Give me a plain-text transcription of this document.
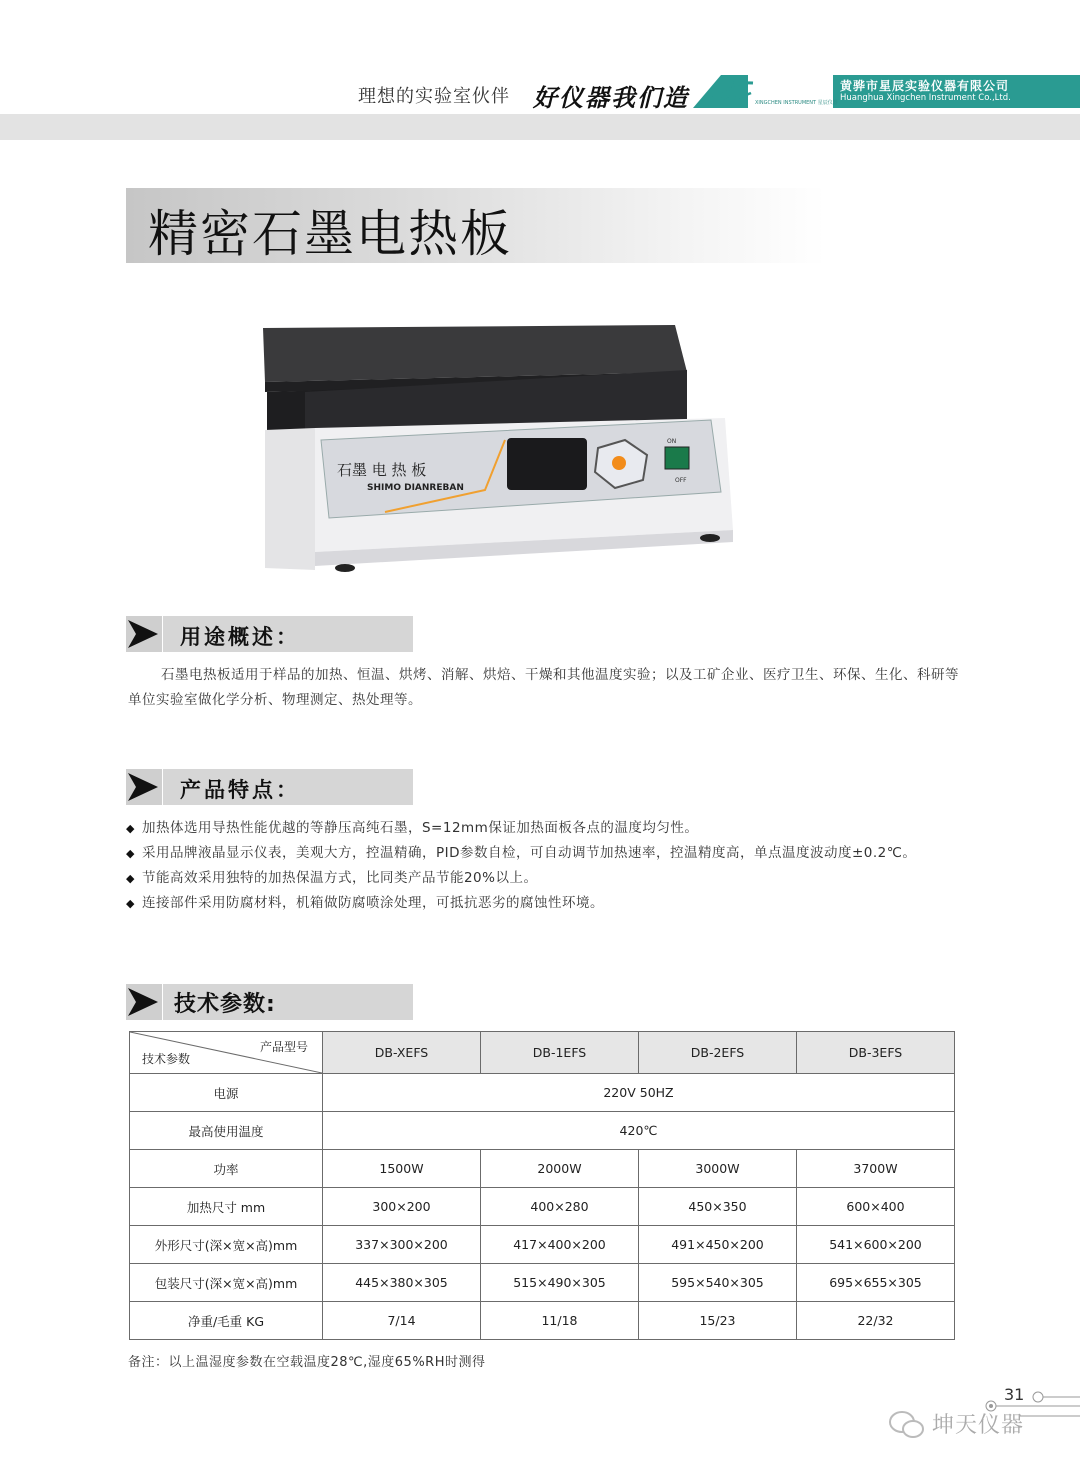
理想的实验室伙伴 好仪器我们造	XINGCHEN INSTRUMENT 星辰仪器
黄骅市星辰实验仪器有限公司
Huanghua Xingchen Instrument Co.,Ltd.
精密石墨电热板
石墨 电 热 板
SHIMO DIANREBAN
ON
OFF
用途概述：
石墨电热板适用于样品的加热、恒温、烘烤、消解、烘焙、干燥和其他温度实验；以及工矿企业、医疗卫生、环保、生化、科研等单位实验室做化学分析、物理测定、热处理等。
产品特点：
◆ 加热体选用导热性能优越的等静压高纯石墨，S=12mm保证加热面板各点的温度均匀性。
◆ 采用品牌液晶显示仪表，美观大方，控温精确，PID参数自检，可自动调节加热速率，控温精度高，单点温度波动度±0.2℃。
◆ 节能高效采用独特的加热保温方式，比同类产品节能20%以上。
◆ 连接部件采用防腐材料，机箱做防腐喷涂处理，可抵抗恶劣的腐蚀性环境。
技术参数:
产品型号
技术参数	DB-XEFS	DB-1EFS	DB-2EFS	DB-3EFS
电源	220V 50HZ			
最高使用温度	420℃			
功率	1500W	2000W	3000W	3700W
加热尺寸 mm	300×200	400×280	450×350	600×400
外形尺寸(深×宽×高)mm	337×300×200	417×400×200	491×450×200	541×600×200
包装尺寸(深×宽×高)mm	445×380×305	515×490×305	595×540×305	695×655×305
净重/毛重 KG	7/14	11/18	15/23	22/32
备注：以上温湿度参数在空载温度28℃,湿度65%RH时测得
31
坤天仪器
